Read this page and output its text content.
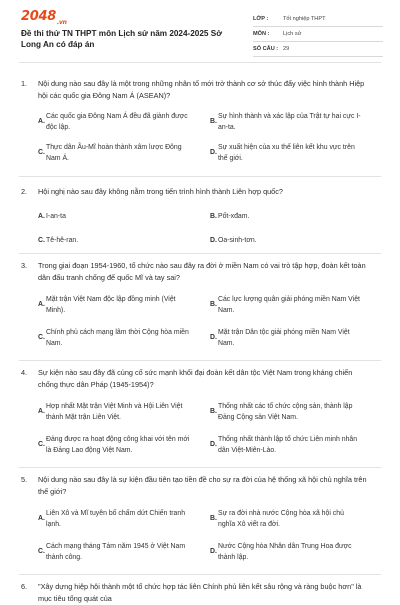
$2048_{.vn}$
Đề thi thử TN THPT môn Lịch sử năm 2024-2025 Sở Long An có đáp án
LỚP :	Tốt nghiệp THPT
MÔN : Lịch sử
SỐ CÂU : 29
1.	Nội dung nào sau đây là một trong những nhân tố mới trở thành cơ sở thúc đẩy việc hình thành Hiệp hội các quốc gia Đông Nam Á (ASEAN)?
A.
Các quốc gia Đông Nam Á đều đã giành được độc lập.
B.
Sự hình thành và xác lập của Trật tự hai cực I-an-ta.
C.
Thực dân Âu-Mĩ hoàn thành xâm lược Đông Nam Á.
D.
Sự xuất hiện của xu thế liên kết khu vực trên thế giới.
2.	Hội nghị nào sau đây không nằm trong tiến trình hình thành Liên hợp quốc?
A. I-an-ta	B. Pốt-xđam.
C. Tê-hê-ran.	D. Oa-sinh-tơn.
3.	Trong giai đoạn 1954-1960, tổ chức nào sau đây ra đời ở miền Nam có vai trò tập hợp, đoàn kết toàn dân đấu tranh chống đế quốc Mĩ và tay sai?
A.
Mặt trận Việt Nam độc lập đồng minh (Việt Minh).
B.
Các lực lượng quân giải phóng miền Nam Việt Nam.
C.
Chính phủ cách mạng lâm thời Cộng hòa miền Nam.
D.
Mặt trận Dân tộc giải phóng miền Nam Việt Nam.
4.	Sự kiện nào sau đây đã củng cố sức mạnh khối đại đoàn kết dân tộc Việt Nam trong kháng chiến chống thực dân Pháp (1945-1954)?
A.
Hợp nhất Mặt trận Việt Minh và Hội Liên Việt thành Mặt trận Liên Việt.
B.
Thống nhất các tổ chức cộng sản, thành lập Đảng Cộng sản Việt Nam.
C.
Đảng được ra hoạt động công khai với tên mới là Đảng Lao động Việt Nam.
D.
Thống nhất thành lập tổ chức Liên minh nhân dân Việt-Miên-Lào.
5.	Nội dung nào sau đây là sự kiện đầu tiên tạo tiền đề cho sự ra đời của hệ thống xã hội chủ nghĩa trên thế giới?
A.
Liên Xô và Mĩ tuyên bố chấm dứt Chiến tranh lạnh.
B.
Sự ra đời nhà nước Cộng hòa xã hội chủ nghĩa Xô viết ra đời.
C.
Cách mạng tháng Tám năm 1945 ở Việt Nam thành công.
D.
Nước Cộng hòa Nhân dân Trung Hoa được thành lập.
6.	"Xây dựng hiệp hội thành một tổ chức hợp tác liên Chính phủ liên kết sâu rộng và ràng buộc hơn" là mục tiêu tổng quát của
